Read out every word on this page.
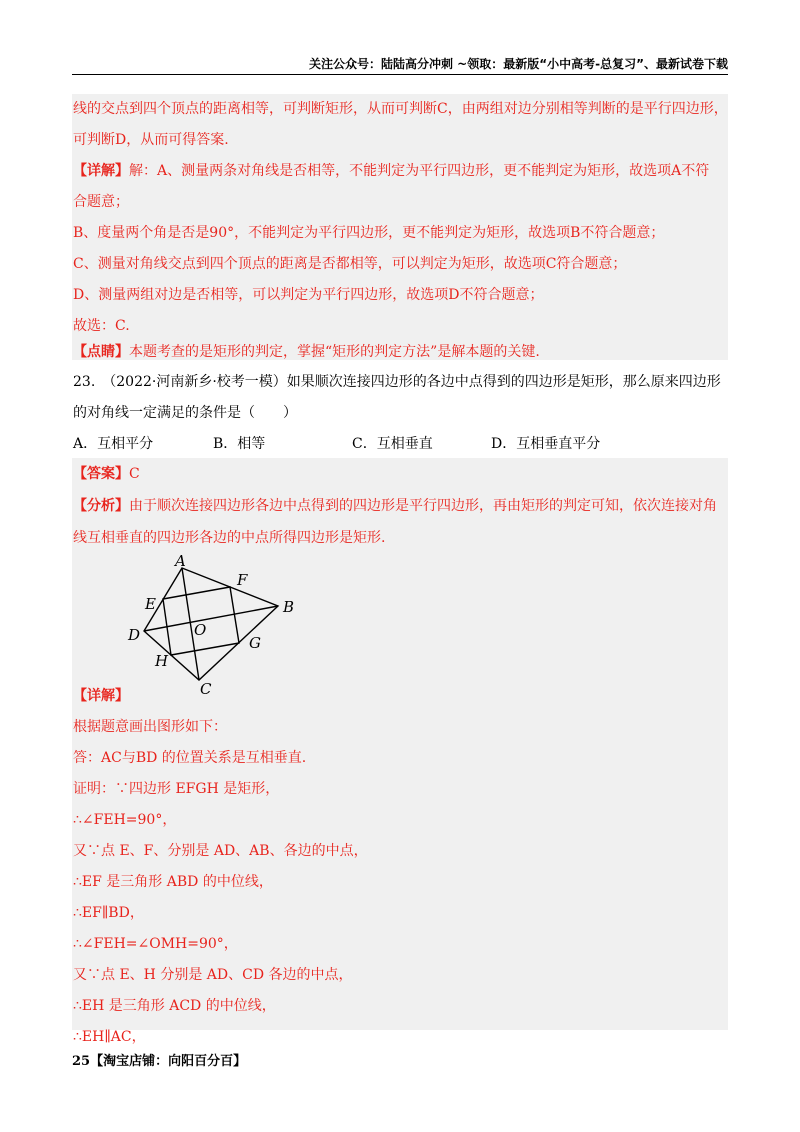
关注公众号：陆陆高分冲刺 ~领取：最新版“小中高考-总复习”、最新试卷下载
线的交点到四个顶点的距离相等，可判断矩形，从而可判断C，由两组对边分别相等判断的是平行四边形，
可判断D，从而可得答案.
【详解】解：A、测量两条对角线是否相等，不能判定为平行四边形，更不能判定为矩形，故选项A不符
合题意；
B、度量两个角是否是90°，不能判定为平行四边形，更不能判定为矩形，故选项B不符合题意；
C、测量对角线交点到四个顶点的距离是否都相等，可以判定为矩形，故选项C符合题意；
D、测量两组对边是否相等，可以判定为平行四边形，故选项D不符合题意；
故选：C.
【点睛】本题考查的是矩形的判定，掌握“矩形的判定方法”是解本题的关键.
23.　（2022·河南新乡·校考一模）如果顺次连接四边形的各边中点得到的四边形是矩形，那么原来四边形
的对角线一定满足的条件是（　　）
A．互相平分	B．相等	C．互相垂直	D．互相垂直平分
【答案】C
【分析】由于顺次连接四边形各边中点得到的四边形是平行四边形，再由矩形的判定可知，依次连接对角
线互相垂直的四边形各边的中点所得四边形是矩形.
A
F
E	B
D	O
G
H
C
【详解】
根据题意画出图形如下：
答：AC与BD 的位置关系是互相垂直.
证明：∵四边形 EFGH 是矩形，
∴∠FEH=90°，
又∵点 E、F、分别是 AD、AB、各边的中点，
∴EF 是三角形 ABD 的中位线，
∴EF∥BD，
∴∠FEH=∠OMH=90°，
又∵点 E、H 分别是 AD、CD 各边的中点，
∴EH 是三角形 ACD 的中位线，
∴EH∥AC，
25【淘宝店铺：向阳百分百】
